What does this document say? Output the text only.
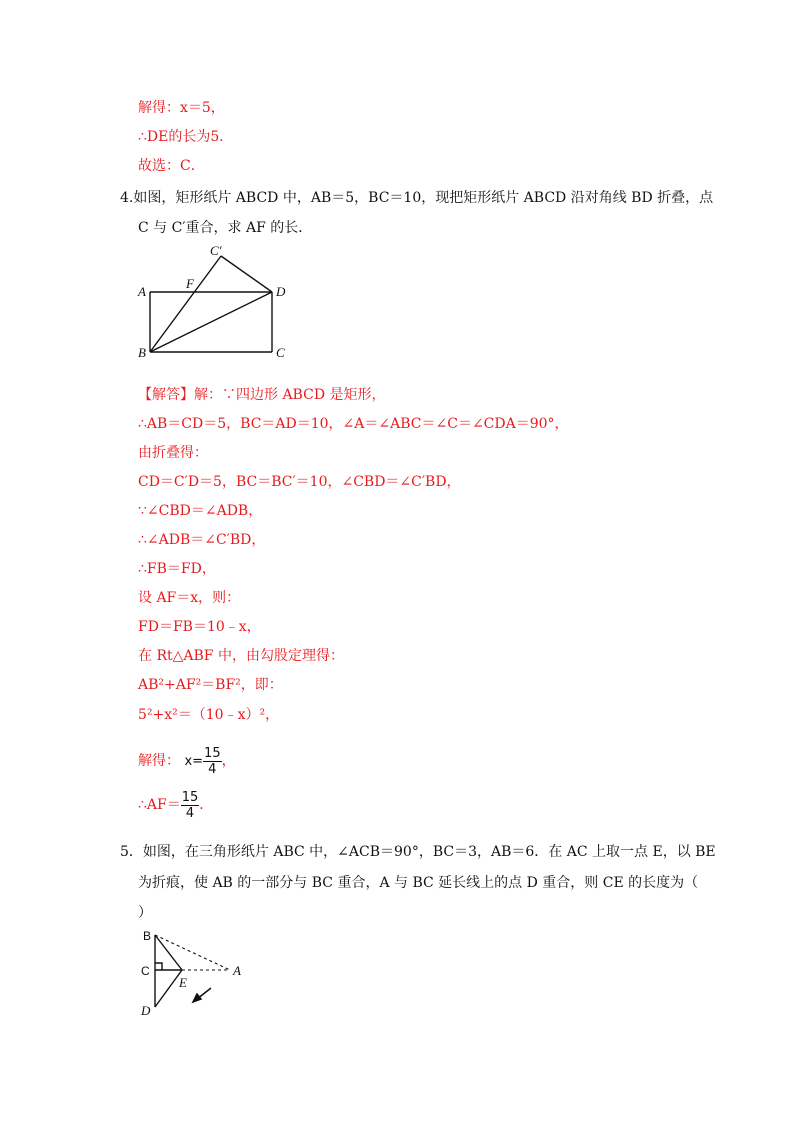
解得：x＝5，
∴DE的长为5．
故选：C．
4.如图，矩形纸片 ABCD 中，AB＝5，BC＝10，现把矩形纸片 ABCD 沿对角线 BD 折叠，点
C 与 C′重合，求 AF 的长．
C′
A
F
D
B	C
【解答】解：∵四边形 ABCD 是矩形，
∴AB＝CD＝5，BC＝AD＝10，∠A＝∠ABC＝∠C＝∠CDA＝90°，
由折叠得：
CD＝C′D＝5，BC＝BC′＝10，∠CBD＝∠C′BD，
∵∠CBD＝∠ADB，
∴∠ADB＝∠C′BD，
∴FB＝FD，
设 AF＝x，则：
FD＝FB＝10﹣x，
在 Rt△ABF 中，由勾股定理得：
AB²+AF²＝BF²，即：
5²+x²＝（10﹣x）²，
解得： $x= \frac{15}{4}$ ，
∴AF＝ $\frac{15}{4}$ ．
5．如图，在三角形纸片 ABC 中，∠ACB＝90°，BC＝3，AB＝6．在 AC 上取一点 E，以 BE
为折痕，使 AB 的一部分与 BC 重合，A 与 BC 延长线上的点 D 重合，则 CE 的长度为（
）
B
C	A
E
D
